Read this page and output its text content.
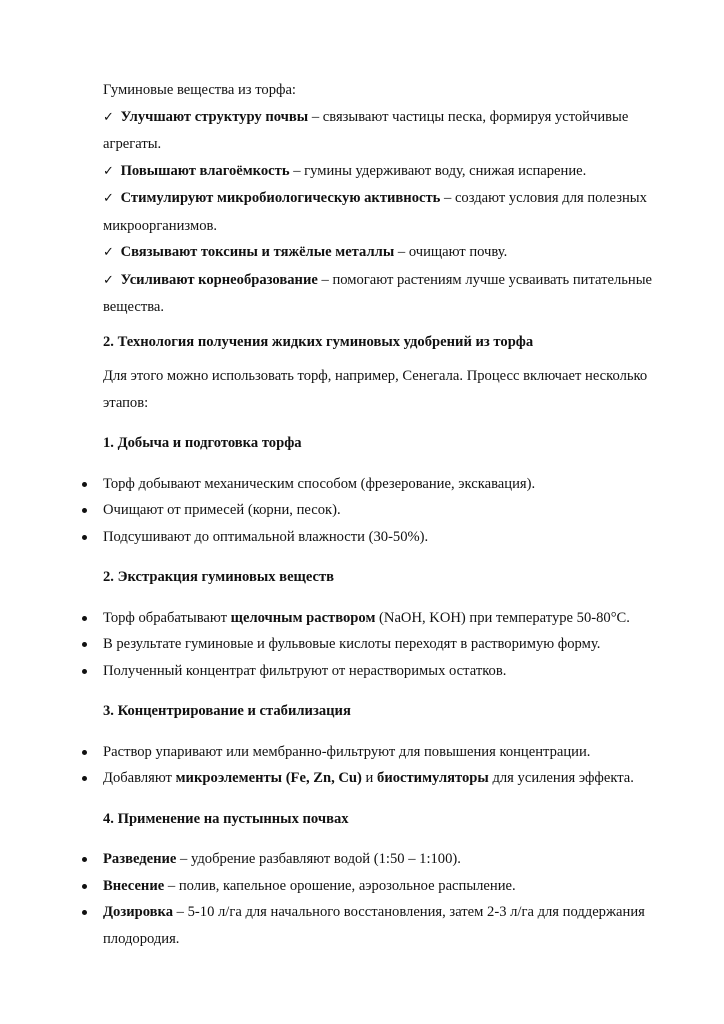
Гуминовые вещества из торфа:

✓ Улучшают структуру почвы – связывают частицы песка, формируя устойчивые агрегаты.

✓ Повышают влагоёмкость – гумины удерживают воду, снижая испарение.

✓ Стимулируют микробиологическую активность – создают условия для полезных микроорганизмов.

✓ Связывают токсины и тяжёлые металлы – очищают почву.

✓ Усиливают корнеобразование – помогают растениям лучше усваивать питательные вещества.

2. Технология получения жидких гуминовых удобрений из торфа

Для этого можно использовать торф, например, Сенегала. Процесс включает несколько этапов:

1. Добыча и подготовка торфа

Торф добывают механическим способом (фрезерование, экскавация).
Очищают от примесей (корни, песок).
Подсушивают до оптимальной влажности (30-50%).

2. Экстракция гуминовых веществ

Торф обрабатывают щелочным раствором (NaOH, KOH) при температуре 50-80°C.
В результате гуминовые и фульвовые кислоты переходят в растворимую форму.
Полученный концентрат фильтруют от нерастворимых остатков.

3. Концентрирование и стабилизация

Раствор упаривают или мембранно-фильтруют для повышения концентрации.
Добавляют микроэлементы (Fe, Zn, Cu) и биостимуляторы для усиления эффекта.

4. Применение на пустынных почвах

Разведение – удобрение разбавляют водой (1:50 – 1:100).
Внесение – полив, капельное орошение, аэрозольное распыление.
Дозировка – 5-10 л/га для начального восстановления, затем 2-3 л/га для поддержания плодородия.
